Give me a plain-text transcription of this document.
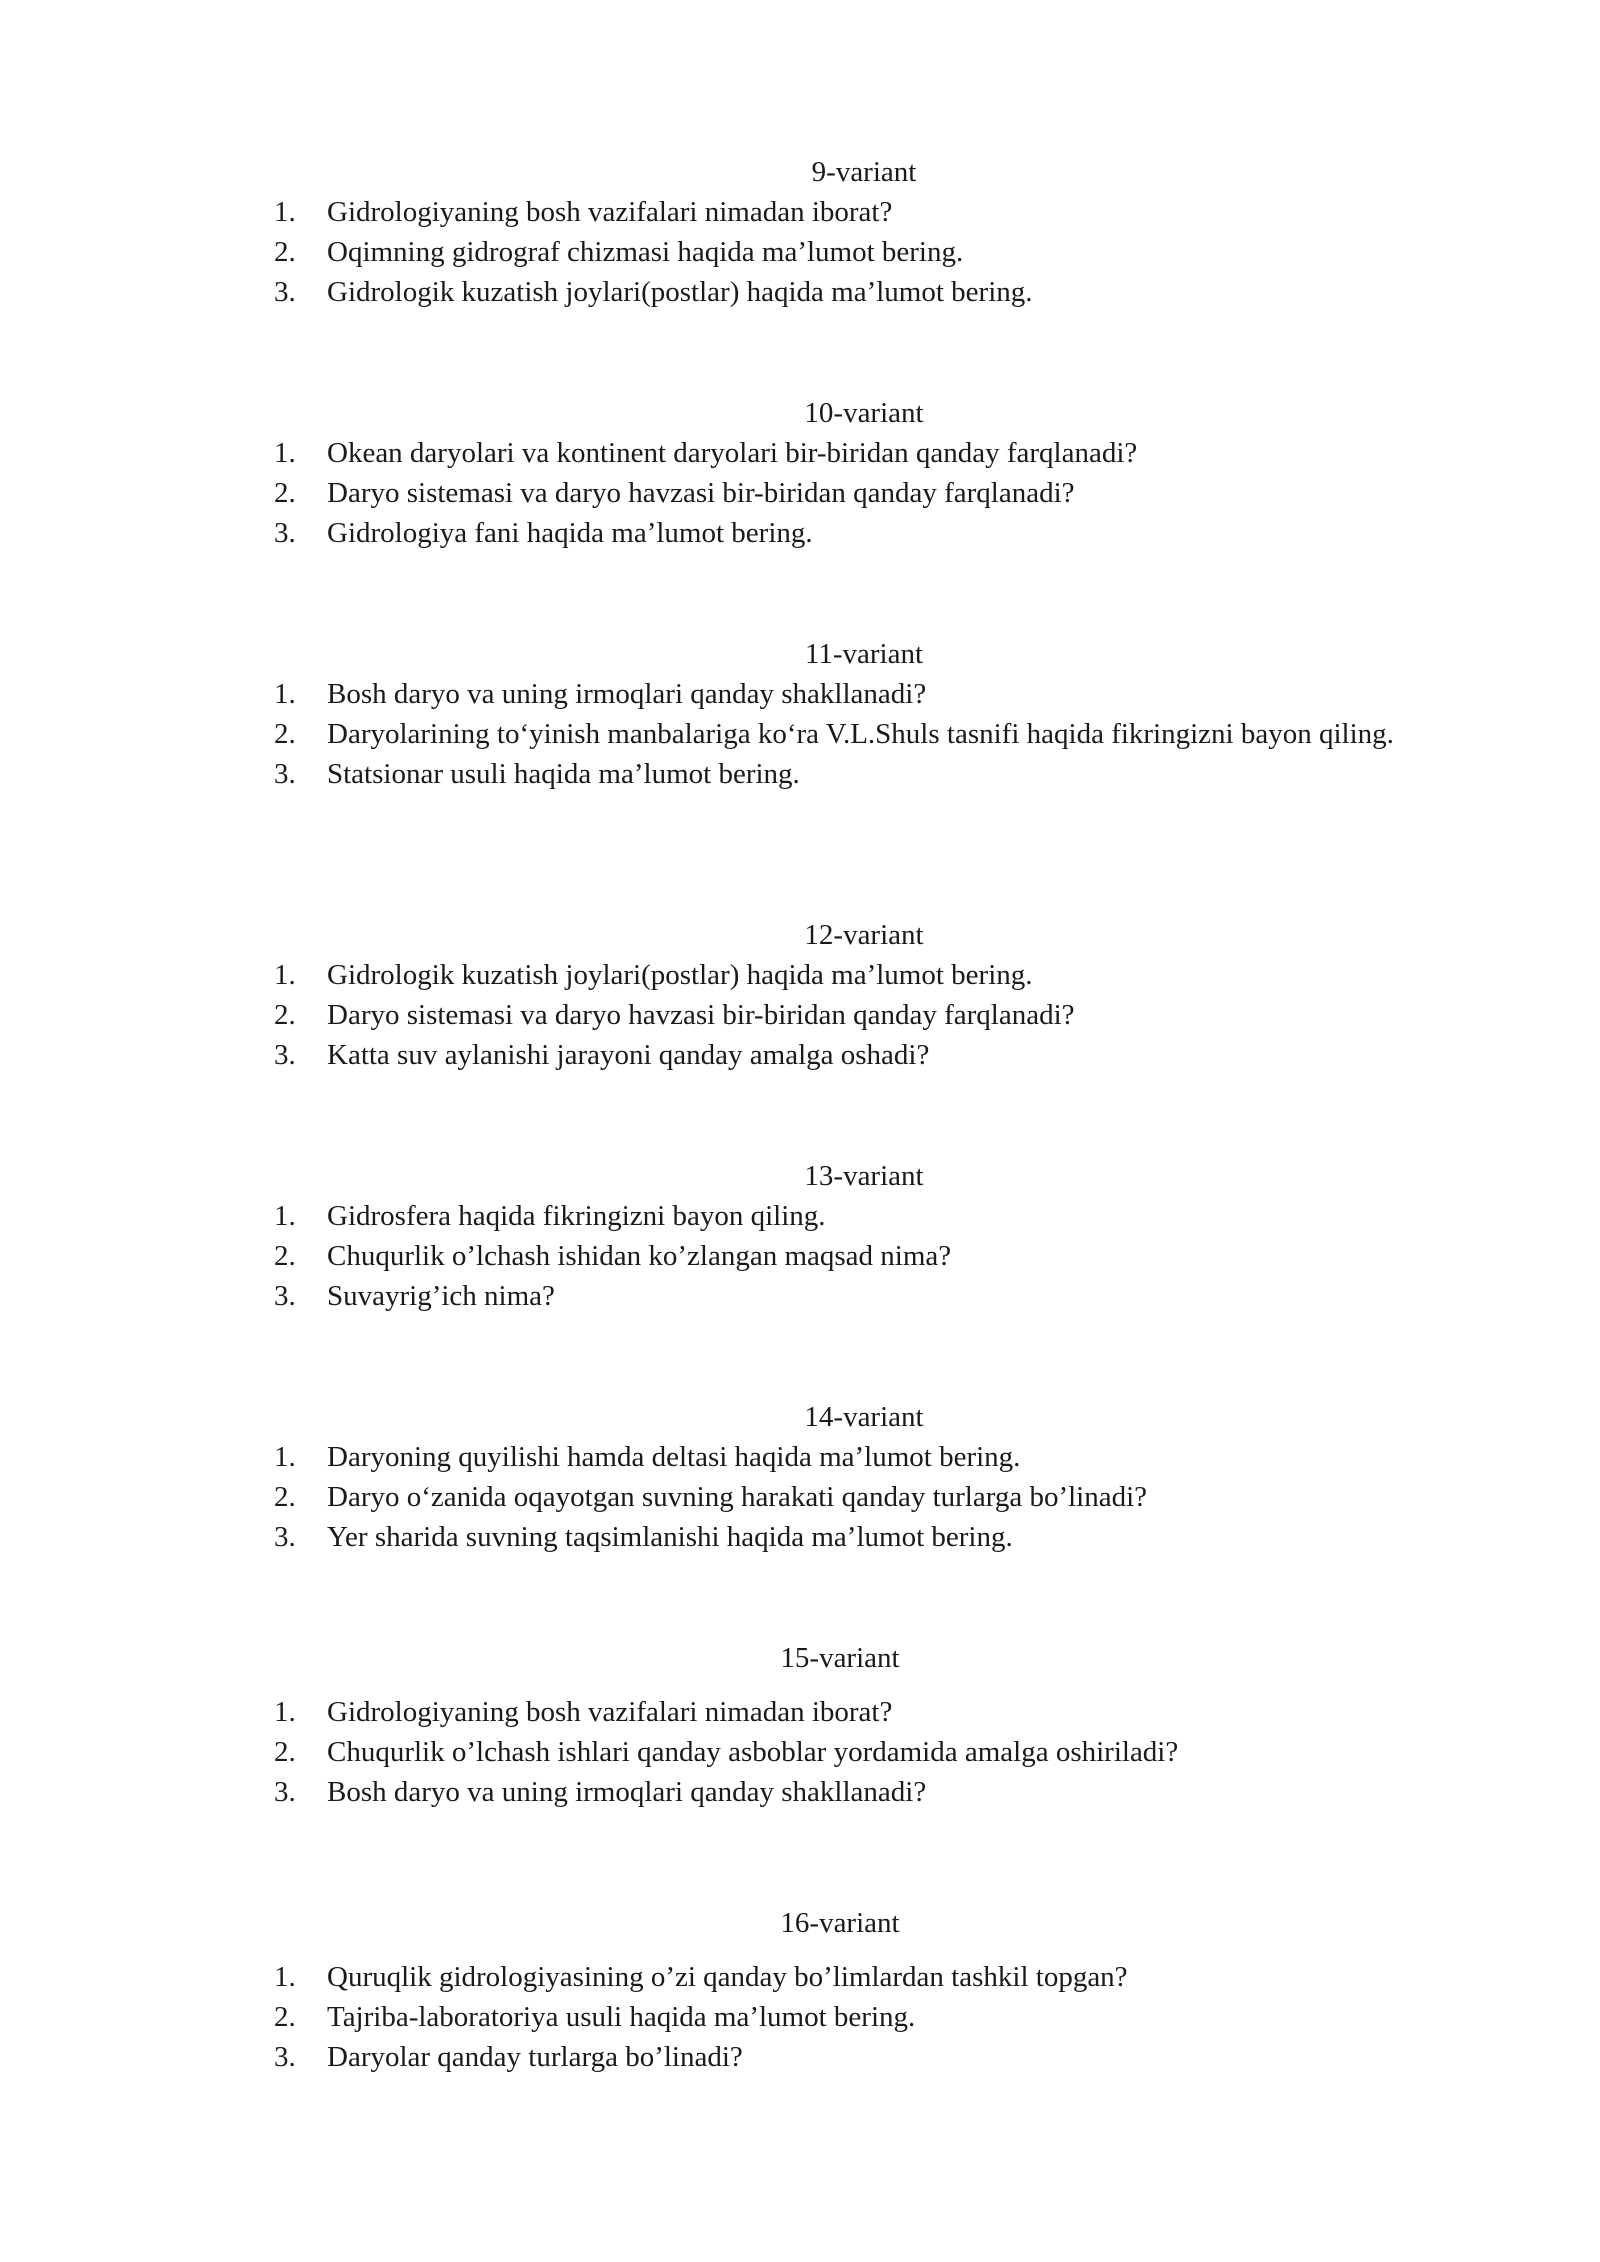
9-variant
1. Gidrologiyaning bosh vazifalari nimadan iborat?
2. Oqimning gidrograf chizmasi haqida ma’lumot bering.
3. Gidrologik kuzatish joylari(postlar) haqida ma’lumot bering.
10-variant
1. Okean daryolari va kontinent daryolari bir-biridan qanday farqlanadi?
2. Daryo sistemasi va daryo havzasi bir-biridan qanday farqlanadi?
3. Gidrologiya fani haqida ma’lumot bering.
11-variant
1. Bosh daryo va uning irmoqlari qanday shakllanadi?
2. Daryolarining to‘yinish manbalariga ko‘ra V.L.Shuls tasnifi haqida fikringizni bayon qiling.
3. Statsionar usuli haqida ma’lumot bering.
12-variant
1. Gidrologik kuzatish joylari(postlar) haqida ma’lumot bering.
2. Daryo sistemasi va daryo havzasi bir-biridan qanday farqlanadi?
3. Katta suv aylanishi jarayoni qanday amalga oshadi?
13-variant
1. Gidrosfera haqida fikringizni bayon qiling.
2. Chuqurlik o’lchash ishidan ko’zlangan maqsad nima?
3. Suvayrig’ich nima?
14-variant
1. Daryoning quyilishi hamda deltasi haqida ma’lumot bering.
2. Daryo o‘zanida oqayotgan suvning harakati qanday turlarga bo’linadi?
3. Yer sharida suvning taqsimlanishi haqida ma’lumot bering.
15-variant
1. Gidrologiyaning bosh vazifalari nimadan iborat?
2. Chuqurlik o’lchash ishlari qanday asboblar yordamida amalga oshiriladi?
3. Bosh daryo va uning irmoqlari qanday shakllanadi?
16-variant
1. Quruqlik gidrologiyasining o’zi qanday bo’limlardan tashkil topgan?
2. Tajriba-laboratoriya usuli haqida ma’lumot bering.
3. Daryolar qanday turlarga bo’linadi?
